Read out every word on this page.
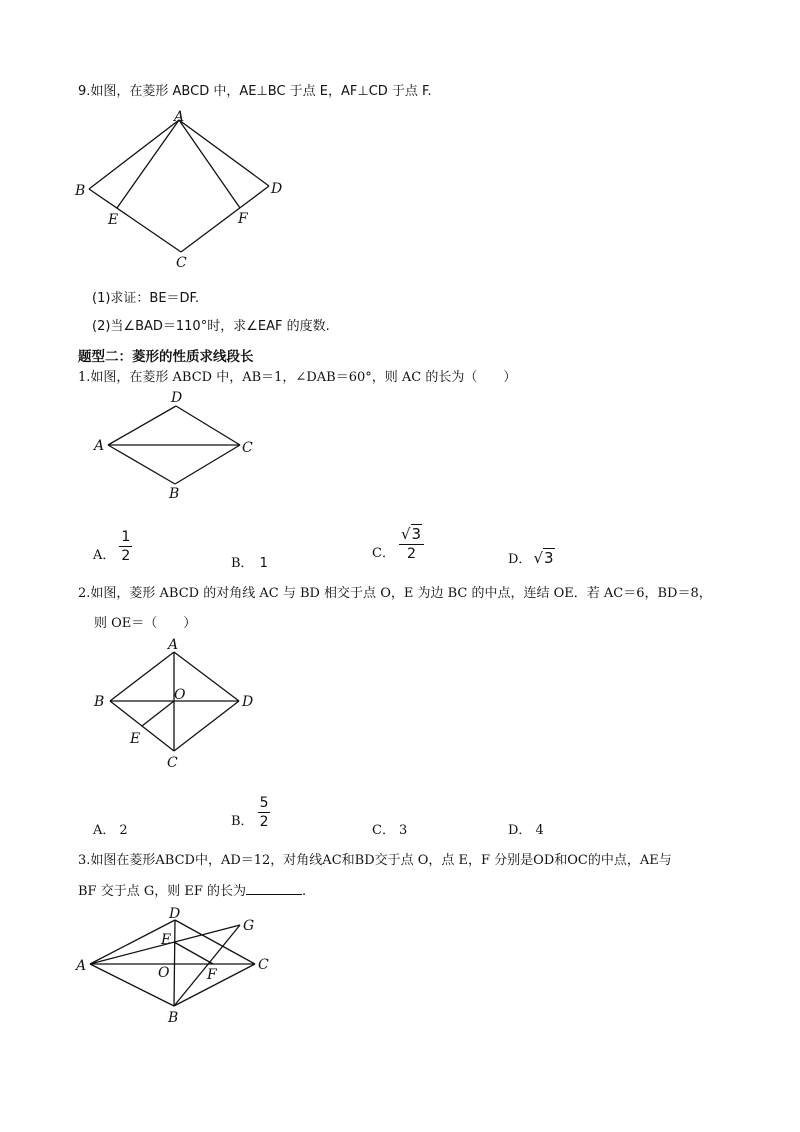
9.如图，在菱形 ABCD 中，AE⊥BC 于点 E，AF⊥CD 于点 F.
A
B
C
D
E	F
(1)求证：BE＝DF.
(2)当∠BAD＝110°时，求∠EAF 的度数.
题型二：菱形的性质求线段长
1.如图，在菱形 ABCD 中，AB＝1，∠DAB＝60°，则 AC 的长为（　　）
D
A	C
B
A． $\frac{1}{2}$
B． 1
C． $\frac{√3}{2}$	D． √3
2.如图，菱形 ABCD 的对角线 AC 与 BD 相交于点 O，E 为边 BC 的中点，连结 OE．若 AC＝6，BD＝8，
则 OE＝（　　）
A
B	O	D
E
C
A． 2
B． $\frac{5}{2}$
C． 3	D． 4
3.如图在菱形ABCD中，AD＝12，对角线AC和BD交于点 O，点 E，F 分别是OD和OC的中点，AE与
BF 交于点 G，则 EF 的长为	.
D
G
E
A	O	F
C
B
